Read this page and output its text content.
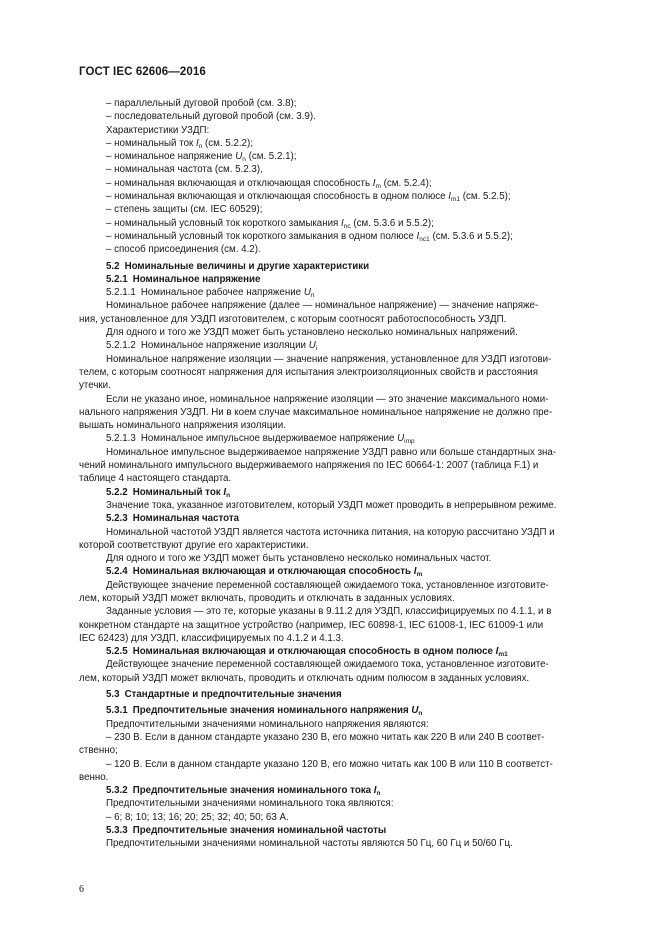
ГОСТ IEC 62606—2016
– параллельный дуговой пробой (см. 3.8);
– последовательный дуговой пробой (см. 3.9).
Характеристики УЗДП:
– номинальный ток $I_n$ (см. 5.2.2);
– номинальное напряжение $U_n$ (см. 5.2.1);
– номинальная частота (см. 5.2.3),
– номинальная включающая и отключающая способность $I_m$ (см. 5.2.4);
– номинальная включающая и отключающая способность в одном полюсе $I_{m1}$ (см. 5.2.5);
– степень защиты (см. IEC 60529);
– номинальный условный ток короткого замыкания $I_{nc}$ (см. 5.3.6 и 5.5.2);
– номинальный условный ток короткого замыкания в одном полюсе $I_{nc1}$ (см. 5.3.6 и 5.5.2);
– способ присоединения (см. 4.2).
5.2 Номинальные величины и другие характеристики
5.2.1 Номинальное напряжение
5.2.1.1 Номинальное рабочее напряжение $U_n$
Номинальное рабочее напряжение (далее — номинальное напряжение) — значение напряже-
ния, установленное для УЗДП изготовителем, с которым соотносят работоспособность УЗДП.
Для одного и того же УЗДП может быть установлено несколько номинальных напряжений.
5.2.1.2 Номинальное напряжение изоляции $U_i$
Номинальное напряжение изоляции — значение напряжения, установленное для УЗДП изготови-
телем, с которым соотносят напряжения для испытания электроизоляционных свойств и расстояния
утечки.
Если не указано иное, номинальное напряжение изоляции — это значение максимального номи-
нального напряжения УЗДП. Ни в коем случае максимальное номинальное напряжение не должно пре-
вышать номинального напряжения изоляции.
5.2.1.3 Номинальное импульсное выдерживаемое напряжение $U_{imp}$
Номинальное импульсное выдерживаемое напряжение УЗДП равно или больше стандартных зна-
чений номинального импульсного выдерживаемого напряжения по IEC 60664-1: 2007 (таблица F.1) и
таблице 4 настоящего стандарта.
5.2.2 Номинальный ток $I_n$
Значение тока, указанное изготовителем, который УЗДП может проводить в непрерывном режиме.
5.2.3 Номинальная частота
Номинальной частотой УЗДП является частота источника питания, на которую рассчитано УЗДП и
которой соответствуют другие его характеристики.
Для одного и того же УЗДП может быть установлено несколько номинальных частот.
5.2.4 Номинальная включающая и отключающая способность $I_m$
Действующее значение переменной составляющей ожидаемого тока, установленное изготовите-
лем, который УЗДП может включать, проводить и отключать в заданных условиях.
Заданные условия — это те, которые указаны в 9.11.2 для УЗДП, классифицируемых по 4.1.1, и в
конкретном стандарте на защитное устройство (например, IEC 60898-1, IEC 61008-1, IEC 61009-1 или
IEC 62423) для УЗДП, классифицируемых по 4.1.2 и 4.1.3.
5.2.5 Номинальная включающая и отключающая способность в одном полюсе $I_{m1}$
Действующее значение переменной составляющей ожидаемого тока, установленное изготовите-
лем, который УЗДП может включать, проводить и отключать одним полюсом в заданных условиях.
5.3 Стандартные и предпочтительные значения
5.3.1 Предпочтительные значения номинального напряжения $U_n$
Предпочтительными значениями номинального напряжения являются:
– 230 В. Если в данном стандарте указано 230 В, его можно читать как 220 В или 240 В соответ-
ственно;
– 120 В. Если в данном стандарте указано 120 В, его можно читать как 100 В или 110 В соответст-
венно.
5.3.2 Предпочтительные значения номинального тока $I_n$
Предпочтительными значениями номинального тока являются:
– 6; 8; 10; 13; 16; 20; 25; 32; 40; 50; 63 А.
5.3.3 Предпочтительные значения номинальной частоты
Предпочтительными значениями номинальной частоты являются 50 Гц, 60 Гц и 50/60 Гц.
6
